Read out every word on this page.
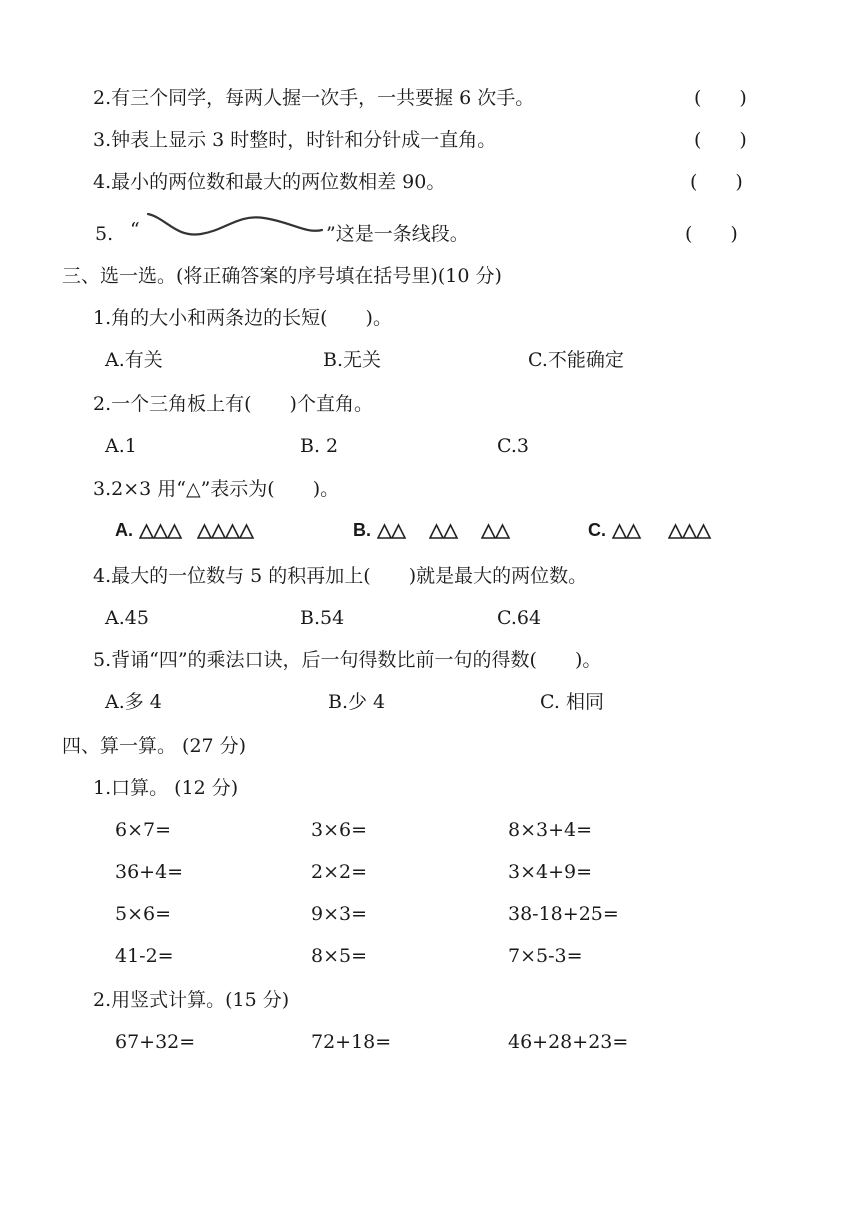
2.有三个同学，每两人握一次手，一共要握 6 次手。	(　　)
3.钟表上显示 3 时整时，时针和分针成一直角。	(　　)
4.最小的两位数和最大的两位数相差 90。	(　　)
5. “	”这是一条线段。	(　　)
三、选一选。(将正确答案的序号填在括号里)(10 分)
1.角的大小和两条边的长短(　　)。
A.有关	B.无关	C.不能确定
2.一个三角板上有(　　)个直角。
A.1	B. 2	C.3
3.2×3 用“△”表示为(　　)。
A.	B.	C.
4.最大的一位数与 5 的积再加上(　　)就是最大的两位数。
A.45	B.54	C.64
5.背诵“四”的乘法口诀，后一句得数比前一句的得数(　　)。
A.多 4	B.少 4	C. 相同
四、算一算。 (27 分)
1.口算。 (12 分)
6×7=	3×6=	8×3+4=
36+4=	2×2=	3×4+9=
5×6=	9×3=	38-18+25=
41-2=	8×5=	7×5-3=
2.用竖式计算。(15 分)
67+32=	72+18=	46+28+23=
